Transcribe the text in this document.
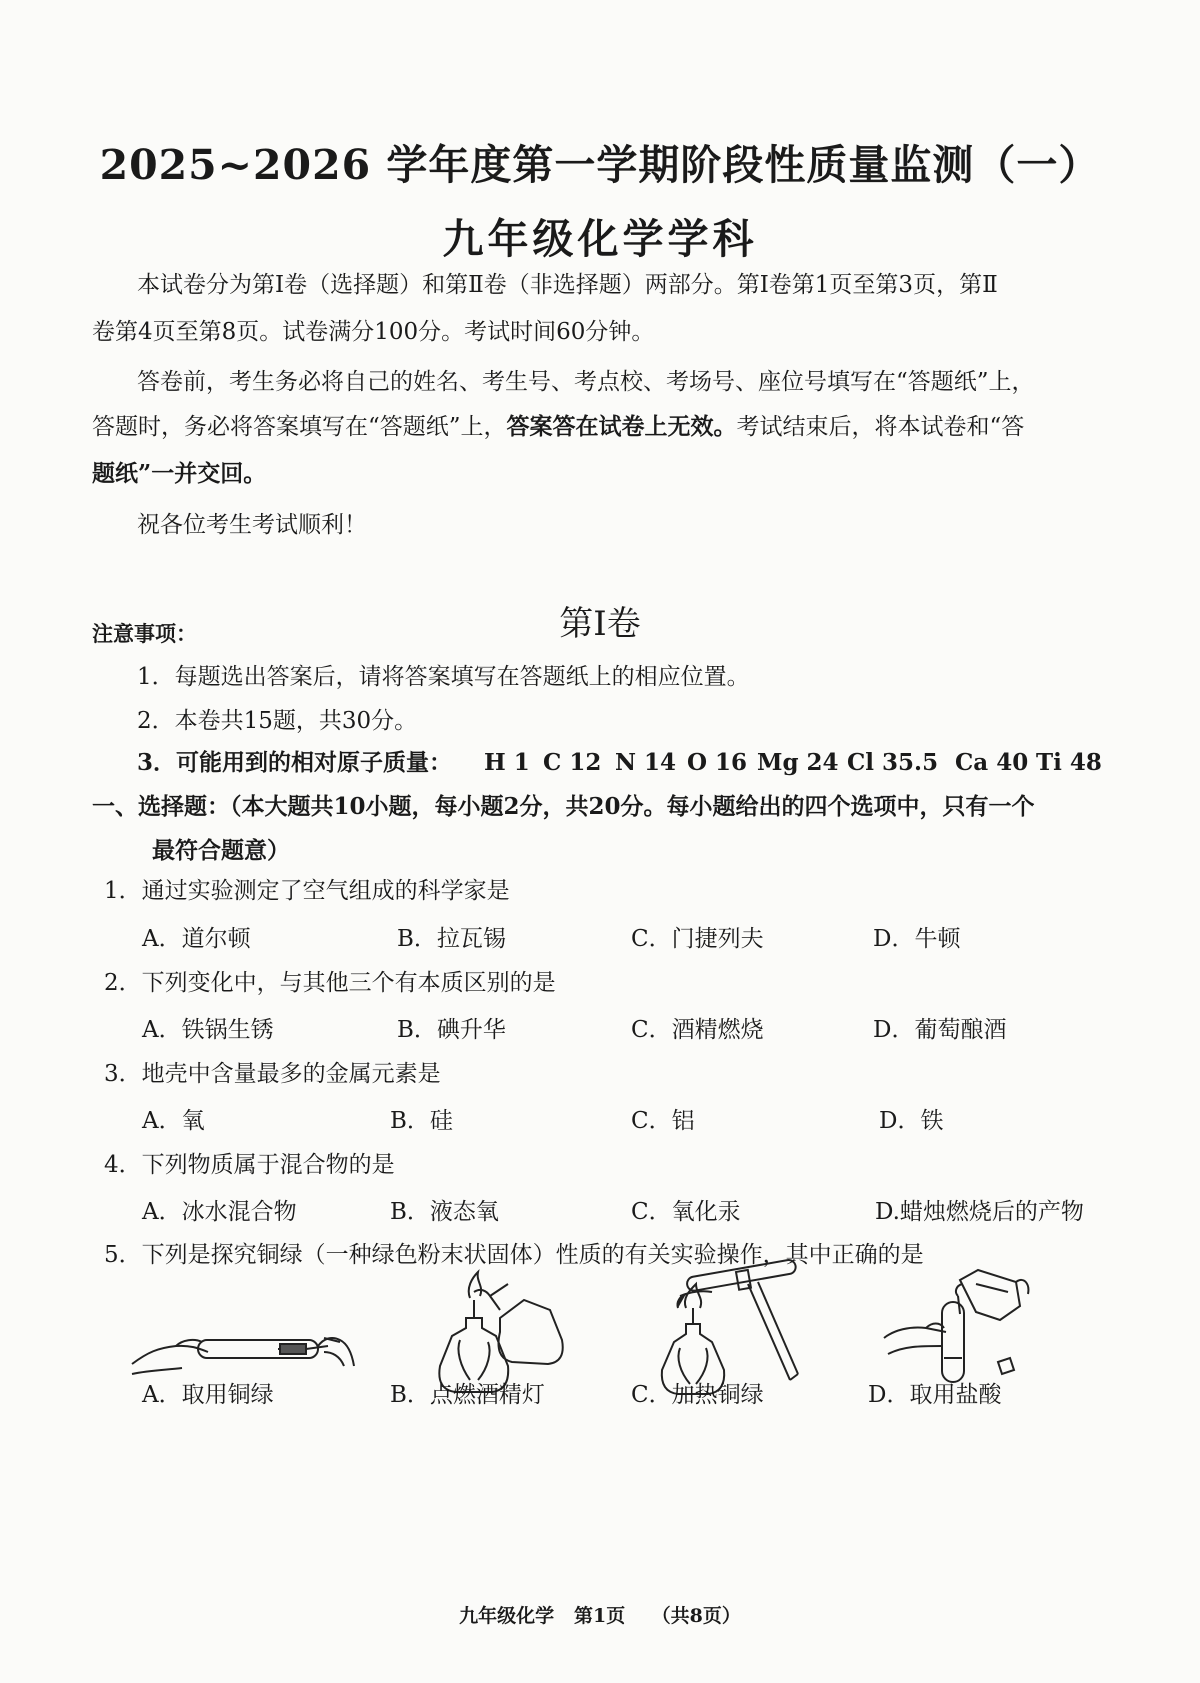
2025~2026 学年度第一学期阶段性质量监测（一）
九年级化学学科
本试卷分为第Ⅰ卷（选择题）和第Ⅱ卷（非选择题）两部分。第Ⅰ卷第1页至第3页，第Ⅱ
卷第4页至第8页。试卷满分100分。考试时间60分钟。
答卷前，考生务必将自己的姓名、考生号、考点校、考场号、座位号填写在“答题纸”上，
答题时，务必将答案填写在“答题纸”上，答案答在试卷上无效。考试结束后，将本试卷和“答
题纸”一并交回。
祝各位考生考试顺利！
第Ⅰ卷
注意事项：
1．每题选出答案后，请将答案填写在答题纸上的相应位置。
2．本卷共15题，共30分。
3．可能用到的相对原子质量： H 1 C 12 N 14 O 16 Mg 24 Cl 35.5 Ca 40 Ti 48
一、选择题：（本大题共10小题，每小题2分，共20分。每小题给出的四个选项中，只有一个
最符合题意）
1．通过实验测定了空气组成的科学家是
A．道尔顿	B．拉瓦锡	C．门捷列夫	D．牛顿
2．下列变化中，与其他三个有本质区别的是
A．铁锅生锈	B．碘升华	C．酒精燃烧	D．葡萄酿酒
3．地壳中含量最多的金属元素是
A．氧	B．硅	C．铝	D．铁
4．下列物质属于混合物的是
A．冰水混合物	B．液态氧	C．氧化汞	D.蜡烛燃烧后的产物
5．下列是探究铜绿（一种绿色粉末状固体）性质的有关实验操作，其中正确的是
A．取用铜绿	B．点燃酒精灯	C．加热铜绿	D．取用盐酸
九年级化学   第1页    （共8页）
